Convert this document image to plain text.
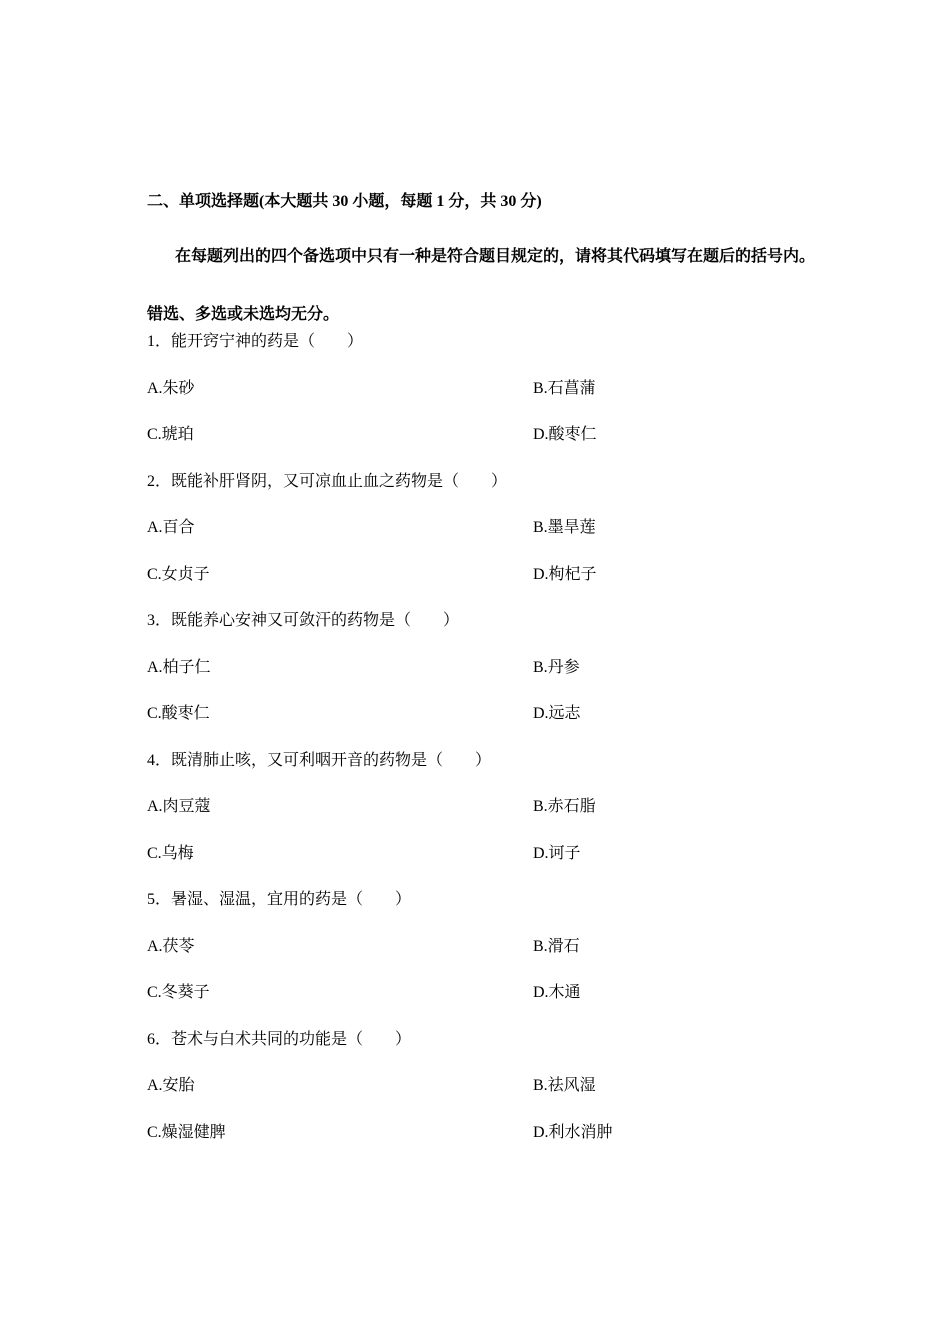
二、单项选择题(本大题共 30 小题，每题 1 分，共 30 分)
在每题列出的四个备选项中只有一种是符合题目规定的，请将其代码填写在题后的括号内。错选、多选或未选均无分。
1．能开窍宁神的药是（　　）
A.朱砂	B.石菖蒲
C.琥珀	D.酸枣仁
2．既能补肝肾阴，又可凉血止血之药物是（　　）
A.百合	B.墨旱莲
C.女贞子	D.枸杞子
3．既能养心安神又可敛汗的药物是（　　）
A.柏子仁	B.丹参
C.酸枣仁	D.远志
4．既清肺止咳，又可利咽开音的药物是（　　）
A.肉豆蔻	B.赤石脂
C.乌梅	D.诃子
5．暑湿、湿温，宜用的药是（　　）
A.茯苓	B.滑石
C.冬葵子	D.木通
6．苍术与白术共同的功能是（　　）
A.安胎	B.祛风湿
C.燥湿健脾	D.利水消肿
